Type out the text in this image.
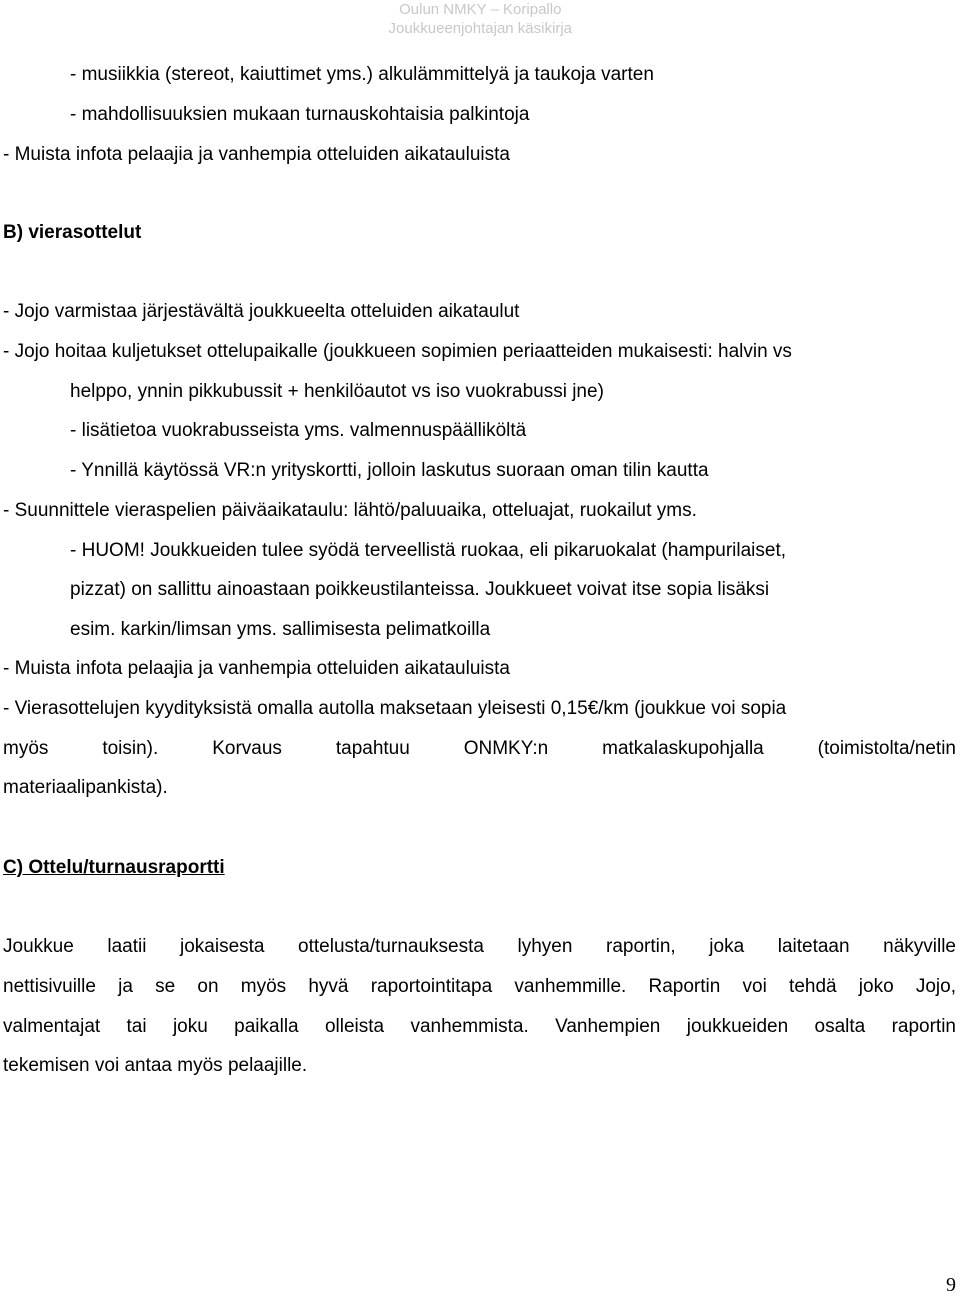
Oulun NMKY – Koripallo
Joukkueenjohtajan käsikirja
- musiikkia (stereot, kaiuttimet yms.) alkulämmittelyä ja taukoja varten
- mahdollisuuksien mukaan turnauskohtaisia palkintoja
- Muista infota pelaajia ja vanhempia otteluiden aikatauluista
B) vierasottelut
- Jojo varmistaa järjestävältä joukkueelta otteluiden aikataulut
- Jojo hoitaa kuljetukset ottelupaikalle (joukkueen sopimien periaatteiden mukaisesti: halvin vs
helppo, ynnin pikkubussit + henkilöautot vs iso vuokrabussi jne)
- lisätietoa vuokrabusseista yms. valmennuspäälliköltä
- Ynnillä käytössä VR:n yrityskortti, jolloin laskutus suoraan oman tilin kautta
- Suunnittele vieraspelien päiväaikataulu: lähtö/paluuaika, otteluajat, ruokailut yms.
- HUOM! Joukkueiden tulee syödä terveellistä ruokaa, eli pikaruokalat (hampurilaiset,
pizzat) on sallittu ainoastaan poikkeustilanteissa. Joukkueet voivat itse sopia lisäksi
esim. karkin/limsan yms. sallimisesta pelimatkoilla
- Muista infota pelaajia ja vanhempia otteluiden aikatauluista
- Vierasottelujen kyydityksistä omalla autolla maksetaan yleisesti 0,15€/km (joukkue voi sopia
myös toisin). Korvaus tapahtuu ONMKY:n matkalaskupohjalla (toimistolta/netin
materiaalipankista).
C) Ottelu/turnausraportti
Joukkue laatii jokaisesta ottelusta/turnauksesta lyhyen raportin, joka laitetaan näkyville
nettisivuille ja se on myös hyvä raportointitapa vanhemmille. Raportin voi tehdä joko Jojo,
valmentajat tai joku paikalla olleista vanhemmista. Vanhempien joukkueiden osalta raportin
tekemisen voi antaa myös pelaajille.
9
